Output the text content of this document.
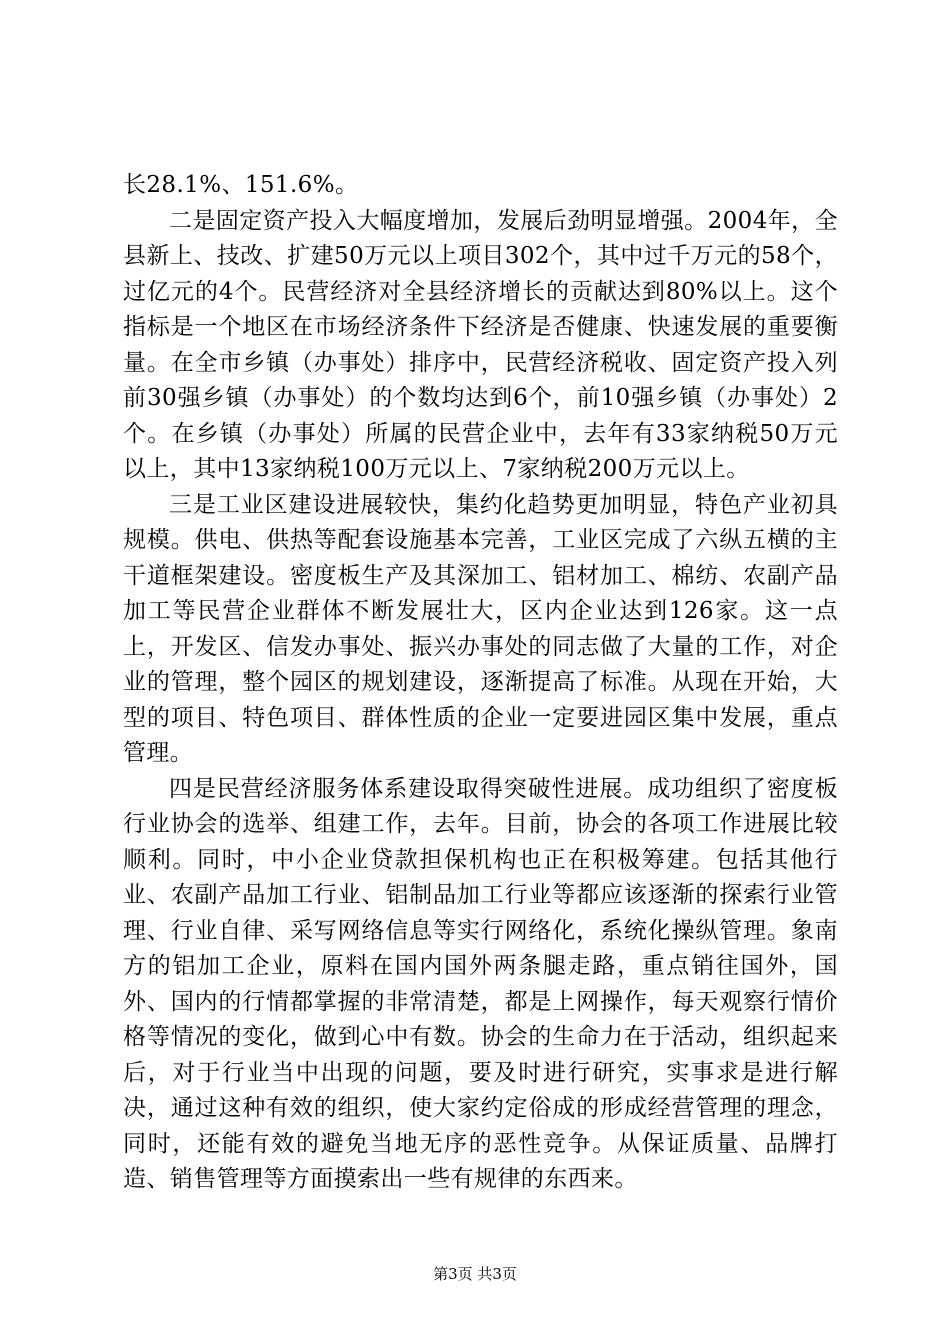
长28.1%、151.6%。

二是固定资产投入大幅度增加，发展后劲明显增强。2004年，全县新上、技改、扩建50万元以上项目302个，其中过千万元的58个，过亿元的4个。民营经济对全县经济增长的贡献达到80%以上。这个指标是一个地区在市场经济条件下经济是否健康、快速发展的重要衡量。在全市乡镇（办事处）排序中，民营经济税收、固定资产投入列前30强乡镇（办事处）的个数均达到6个，前10强乡镇（办事处）2个。在乡镇（办事处）所属的民营企业中，去年有33家纳税50万元以上，其中13家纳税100万元以上、7家纳税200万元以上。

三是工业区建设进展较快，集约化趋势更加明显，特色产业初具规模。供电、供热等配套设施基本完善，工业区完成了六纵五横的主干道框架建设。密度板生产及其深加工、铝材加工、棉纺、农副产品加工等民营企业群体不断发展壮大，区内企业达到126家。这一点上，开发区、信发办事处、振兴办事处的同志做了大量的工作，对企业的管理，整个园区的规划建设，逐渐提高了标准。从现在开始，大型的项目、特色项目、群体性质的企业一定要进园区集中发展，重点管理。

四是民营经济服务体系建设取得突破性进展。成功组织了密度板行业协会的选举、组建工作，去年。目前，协会的各项工作进展比较顺利。同时，中小企业贷款担保机构也正在积极筹建。包括其他行业、农副产品加工行业、铝制品加工行业等都应该逐渐的探索行业管理、行业自律、采写网络信息等实行网络化，系统化操纵管理。象南方的铝加工企业，原料在国内国外两条腿走路，重点销往国外，国外、国内的行情都掌握的非常清楚，都是上网操作，每天观察行情价格等情况的变化，做到心中有数。协会的生命力在于活动，组织起来后，对于行业当中出现的问题，要及时进行研究，实事求是进行解决，通过这种有效的组织，使大家约定俗成的形成经营管理的理念，同时，还能有效的避免当地无序的恶性竞争。从保证质量、品牌打造、销售管理等方面摸索出一些有规律的东西来。

第3页 共3页
